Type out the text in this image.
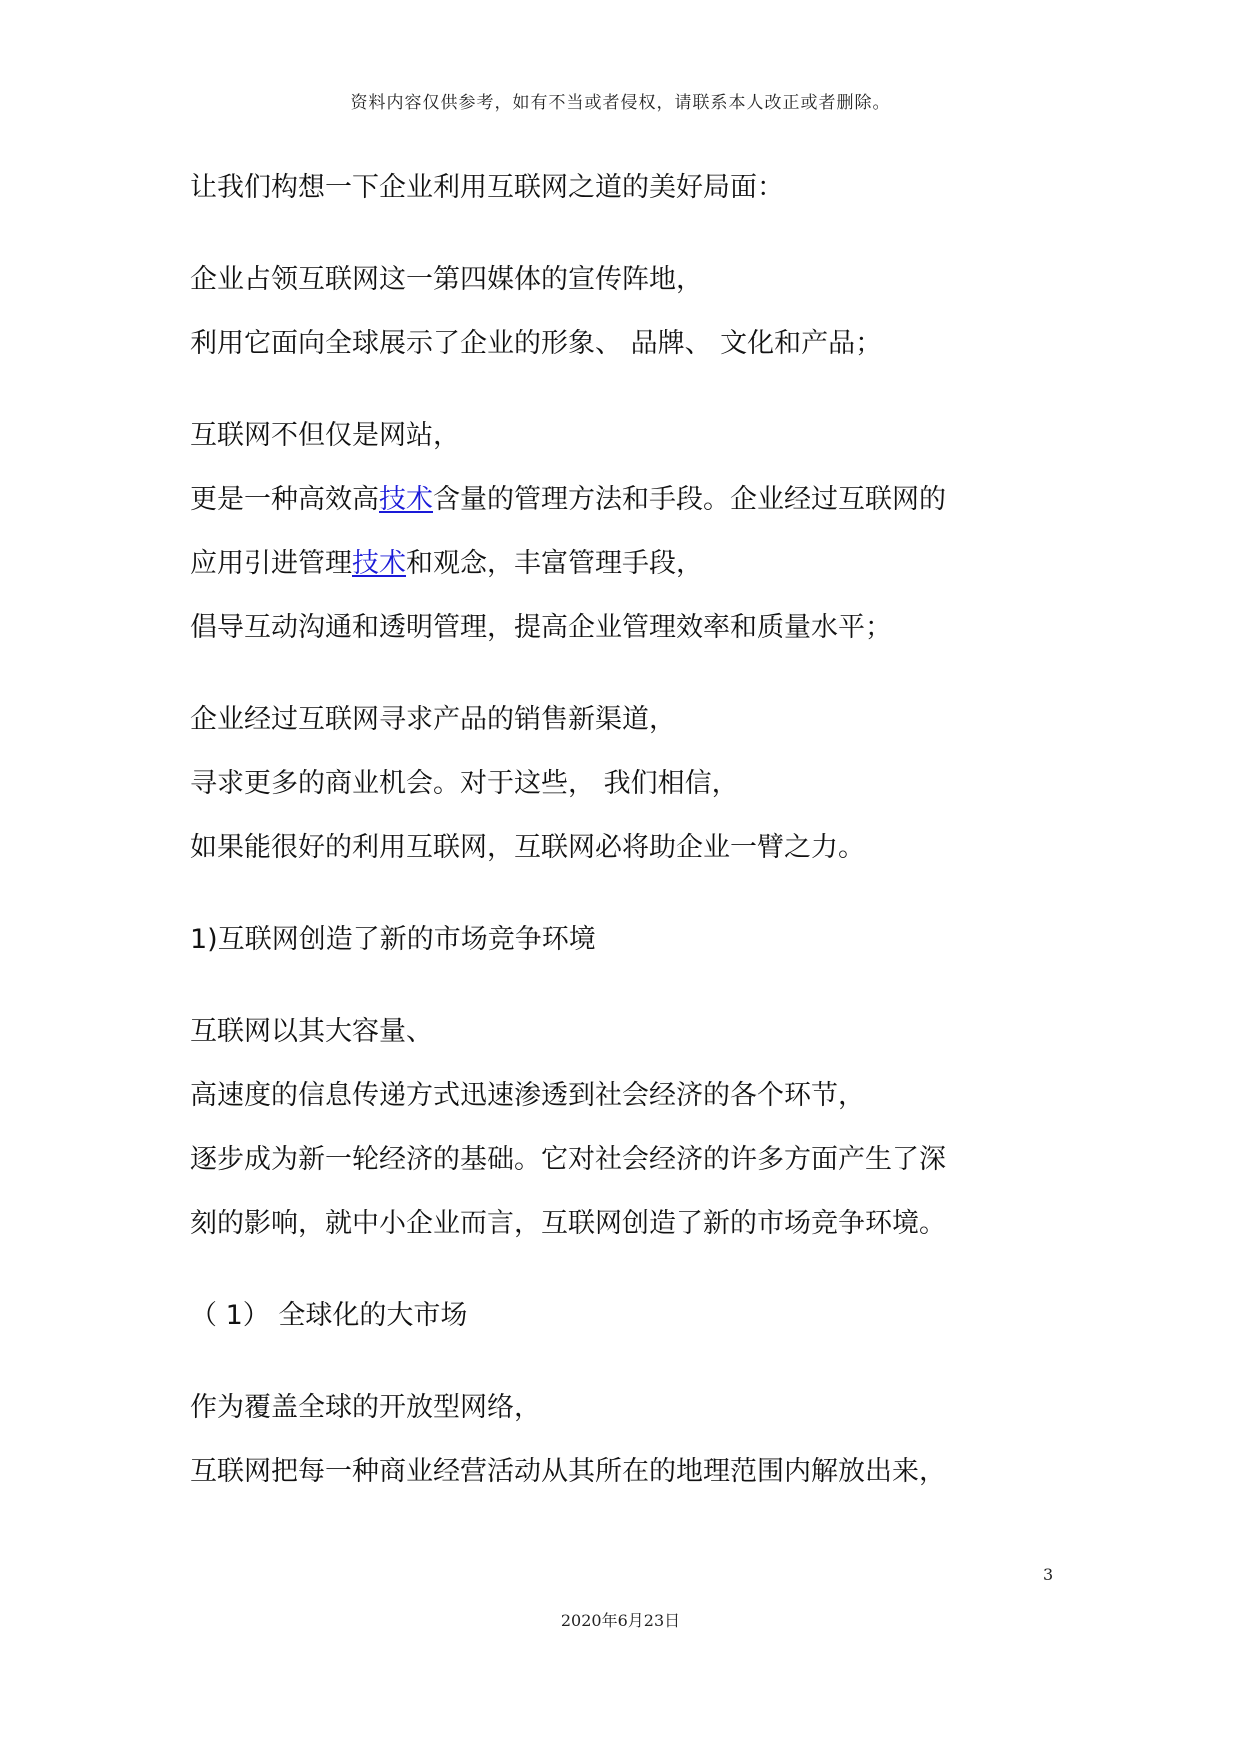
资料内容仅供参考，如有不当或者侵权，请联系本人改正或者删除。
让我们构想一下企业利用互联网之道的美好局面：
企业占领互联网这一第四媒体的宣传阵地，
利用它面向全球展示了企业的形象、 品牌、 文化和产品；
互联网不但仅是网站，
更是一种高效高技术含量的管理方法和手段。企业经过互联网的
应用引进管理技术和观念，丰富管理手段，
倡导互动沟通和透明管理，提高企业管理效率和质量水平；
企业经过互联网寻求产品的销售新渠道，
寻求更多的商业机会。对于这些， 我们相信，
如果能很好的利用互联网，互联网必将助企业一臂之力。
1)互联网创造了新的市场竞争环境
互联网以其大容量、
高速度的信息传递方式迅速渗透到社会经济的各个环节，
逐步成为新一轮经济的基础。它对社会经济的许多方面产生了深
刻的影响，就中小企业而言，互联网创造了新的市场竞争环境。
（ 1） 全球化的大市场
作为覆盖全球的开放型网络，
互联网把每一种商业经营活动从其所在的地理范围内解放出来，
3
2020年6月23日
